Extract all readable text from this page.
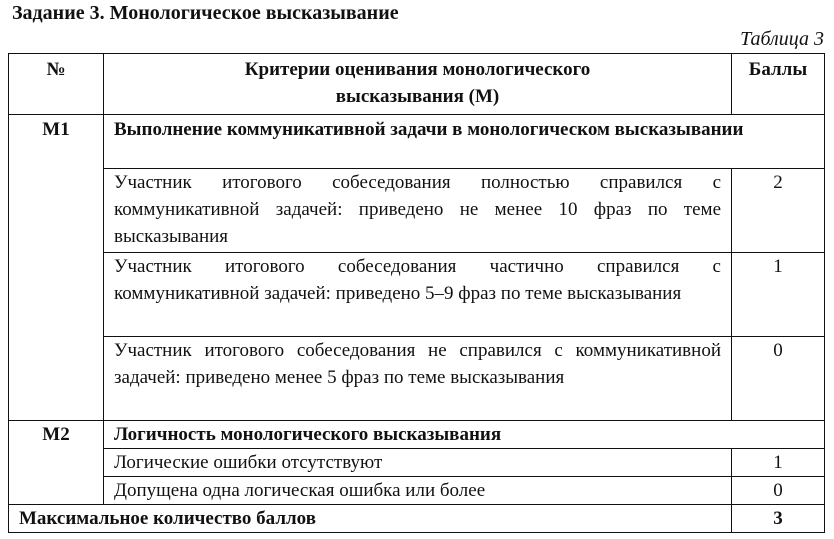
Задание 3. Монологическое высказывание
Таблица 3
№	Критерии оценивания монологического высказывания (М)	Баллы
М1	Выполнение коммуникативной задачи в монологическом высказывании	
	Участник итогового собеседования полностью справился с коммуникативной задачей: приведено не менее 10 фраз по теме высказывания	2
	Участник итогового собеседования частично справился с коммуникативной задачей: приведено 5–9 фраз по теме высказывания	1
	Участник итогового собеседования не справился с коммуникативной задачей: приведено менее 5 фраз по теме высказывания	0
М2	Логичность монологического высказывания	
	Логические ошибки отсутствуют	1
	Допущена одна логическая ошибка или более	0
Максимальное количество баллов		3
